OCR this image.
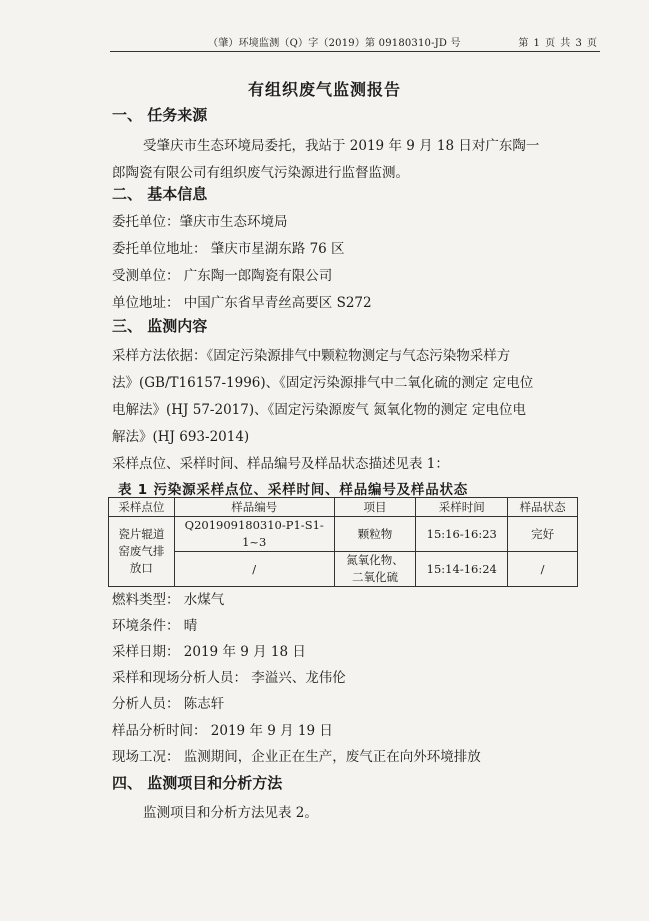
（肇）环境监测（Q）字（2019）第 09180310-JD 号	第 1 页 共 3 页
有组织废气监测报告
一、 任务来源
受肇庆市生态环境局委托，我站于 2019 年 9 月 18 日对广东陶一
郎陶瓷有限公司有组织废气污染源进行监督监测。
二、 基本信息
委托单位：肇庆市生态环境局
委托单位地址： 肇庆市星湖东路 76 区
受测单位： 广东陶一郎陶瓷有限公司
单位地址： 中国广东省早青丝高要区 S272
三、 监测内容
采样方法依据：《固定污染源排气中颗粒物测定与气态污染物采样方
法》(GB/T16157-1996)、《固定污染源排气中二氧化硫的测定 定电位
电解法》(HJ 57-2017)、《固定污染源废气 氮氧化物的测定 定电位电
解法》(HJ 693-2014)
采样点位、采样时间、样品编号及样品状态描述见表 1：
表 1 污染源采样点位、采样时间、样品编号及样品状态
采样点位	样品编号	项目	采样时间	样品状态

瓷片辊道
窑废气排
放口	Q201909180310-P1-S1-1~3	颗粒物	15:16-16:23	完好
	/	氮氧化物、
二氧化硫	15:14-16:24	/
燃料类型： 水煤气
环境条件： 晴
采样日期： 2019 年 9 月 18 日
采样和现场分析人员： 李溢兴、龙伟伦
分析人员： 陈志轩
样品分析时间： 2019 年 9 月 19 日
现场工况： 监测期间，企业正在生产，废气正在向外环境排放
四、 监测项目和分析方法
监测项目和分析方法见表 2。
